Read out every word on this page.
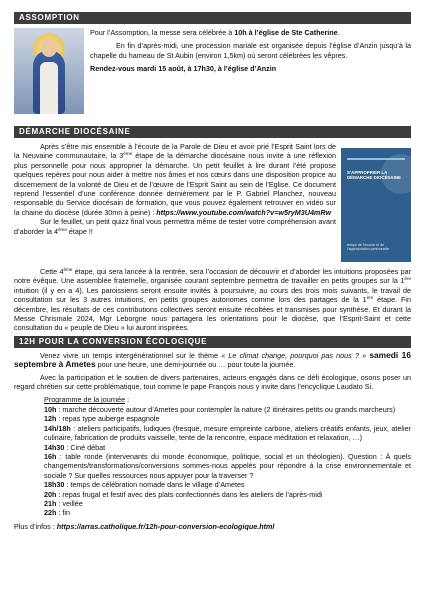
ASSOMPTION

Pour l’Assomption, la messe sera célébrée à 10h à l’église de Ste Catherine.

En fin d’après-midi, une procession mariale est organisée depuis l’église d’Anzin jusqu’à la chapelle du hameau de St Aubin (environ 1,5km) où seront célébrées les vêpres.

Rendez-vous mardi 15 août, à 17h30, à l’église d’Anzin

DÉMARCHE DIOCÉSAINE

Après s’être mis ensemble à l’écoute de la Parole de Dieu et avoir prié l’Esprit Saint lors de la Neuvaine communautaire, la 3ème étape de la démarche diocésaine nous invite à une réflexion plus personnelle pour nous approprier la démarche. Un petit feuillet à lire durant l’été propose quelques repères pour nous aider à mettre nos âmes et nos cœurs dans une disposition propice au discernement de la volonté de Dieu et de l’œuvre de l’Esprit Saint au sein de l’Eglise. Ce document reprend l’essentiel d’une conférence donnée dernièrement par le P. Gabriel Planchez, nouveau responsable du Service diocésain de formation, que vous pouvez également retrouver en vidéo sur la chaine du diocèse (durée 30mn à peine) : https://www.youtube.com/watch?v=w5ryM3U4mRw

Sur le feuillet, un petit quizz final vous permettra même de tester votre compréhension avant d’aborder la 4ème étape !!

S’APPROPRIER LA DÉMARCHE DIOCÉSAINE
temps de l’écoute et de l’appropriation personnelle

Cette 4ème étape, qui sera lancée à la rentrée, sera l’occasion de découvrir et d’aborder les intuitions proposées par notre évêque. Une assemblée fraternelle, organisée courant septembre permettra de travailler en petits groupes sur la 1ère intuition (il y en a 4). Les paroissiens seront ensuite invités à poursuivre, au cours des trois mois suivants, le travail de consultation sur les 3 autres intuitions, en petits groupes autonomes comme lors des partages de la 1ère étape. Fin décembre, les résultats de ces contributions collectives seront ensuite récoltées et transmises pour synthèse. Et durant la Messe Chrismale 2024, Mgr Leborgne nous partagera les orientations pour le diocèse, que l’Esprit-Saint et cette consultation du « peuple de Dieu » lui auront inspirées.

12H POUR LA CONVERSION ÉCOLOGIQUE

Venez vivre un temps intergénérationnel sur le thème « Le climat change, pourquoi pas nous ? » samedi 16 septembre à Ametes pour une heure, une demi-journée ou … pour toute la journée.

Avec la participation et le soutien de divers partenaires, acteurs engagés dans ce défi écologique, osons poser un regard chrétien sur cette problématique, tout comme le pape François nous y invite dans l’encyclique Laudato Si.

Programme de la journée :

10h : marche découverte autour d’Ametes pour contempler la nature (2 itinéraires petits ou grands marcheurs)

12h : repas type auberge espagnole

14h/18h : ateliers participatifs, ludiques (fresque, mesure empreinte carbone, ateliers créatifs enfants, jeux, atelier culinaire, fabrication de produits vaisselle, tente de la rencontre, espace méditation et relaxation, …)

14h30 : Ciné débat

16h : table ronde (intervenants du monde économique, politique, social et un théologien). Question : À quels changements/transformations/conversions sommes-nous appelés pour répondre à la crise environnementale et sociale ? Sur quelles ressources nous appuyer pour la traverser ?

18h30 : temps de célébration nomade dans le village d’Ametes

20h : repas frugal et festif avec des plats confectionnés dans les ateliers de l’après-midi

21h : veillée

22h : fin

Plus d’infos : https://arras.catholique.fr/12h-pour-conversion-ecologique.html
